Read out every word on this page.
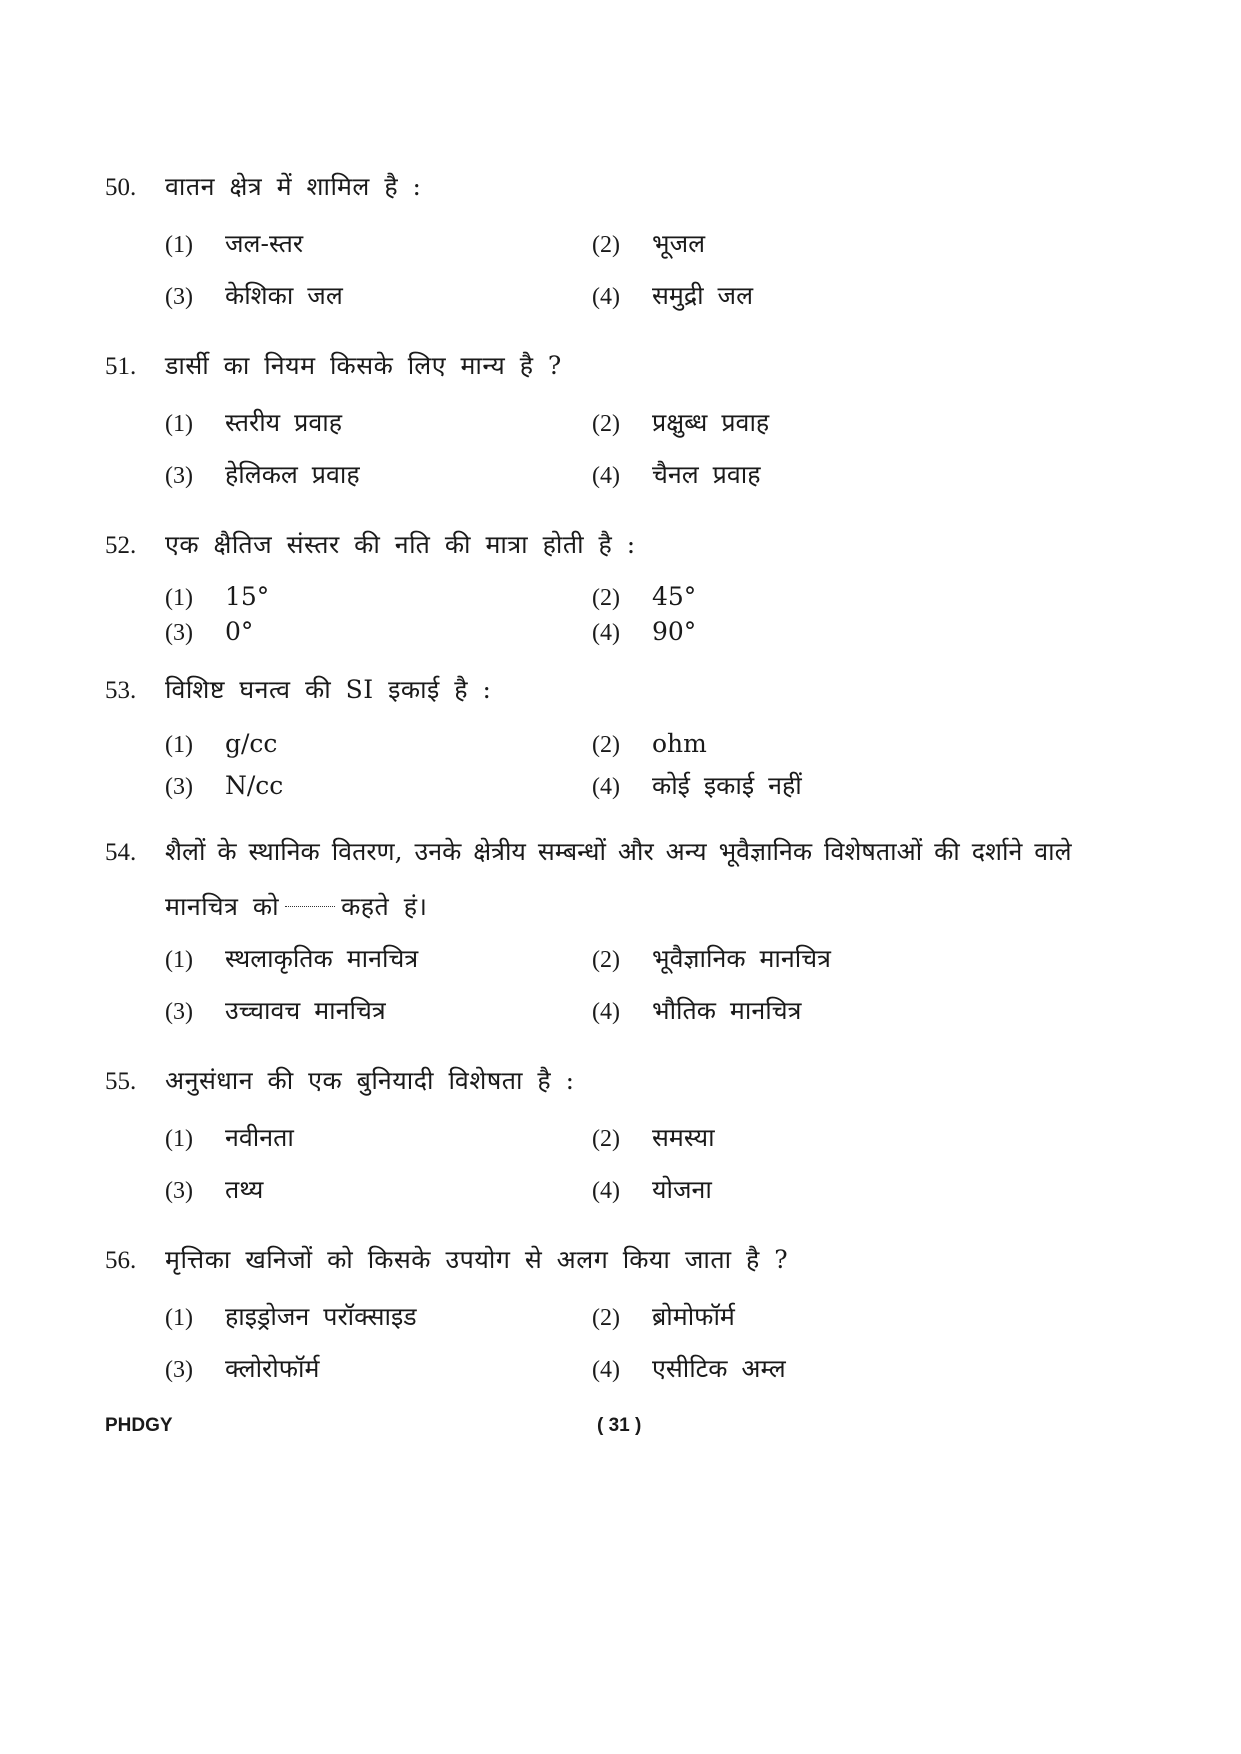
50.	वातन क्षेत्र में शामिल है :
(1)	जल-स्तर	(2)	भूजल
(3)	केशिका जल	(4)	समुद्री जल
51.	डार्सी का नियम किसके लिए मान्य है ?
(1)	स्तरीय प्रवाह	(2)	प्रक्षुब्ध प्रवाह
(3)	हेलिकल प्रवाह	(4)	चैनल प्रवाह
52.	एक क्षैतिज संस्तर की नति की मात्रा होती है :
(1)	15°	(2)	45°
(3)	0°	(4)	90°
53.	विशिष्ट घनत्व की SI इकाई है :
(1)	g/cc	(2)	ohm
(3)	N/cc	(4)	कोई इकाई नहीं
54.	शैलों के स्थानिक वितरण, उनके क्षेत्रीय सम्बन्धों और अन्य भूवैज्ञानिक विशेषताओं की दर्शाने वाले
मानचित्र को कहते हं।
(1)	स्थलाकृतिक मानचित्र	(2)	भूवैज्ञानिक मानचित्र
(3)	उच्चावच मानचित्र	(4)	भौतिक मानचित्र
55.	अनुसंधान की एक बुनियादी विशेषता है :
(1)	नवीनता	(2)	समस्या
(3)	तथ्य	(4)	योजना
56.	मृत्तिका खनिजों को किसके उपयोग से अलग किया जाता है ?
(1)	हाइड्रोजन परॉक्साइड	(2)	ब्रोमोफॉर्म
(3)	क्लोरोफॉर्म	(4)	एसीटिक अम्ल
PHDGY	( 31 )
